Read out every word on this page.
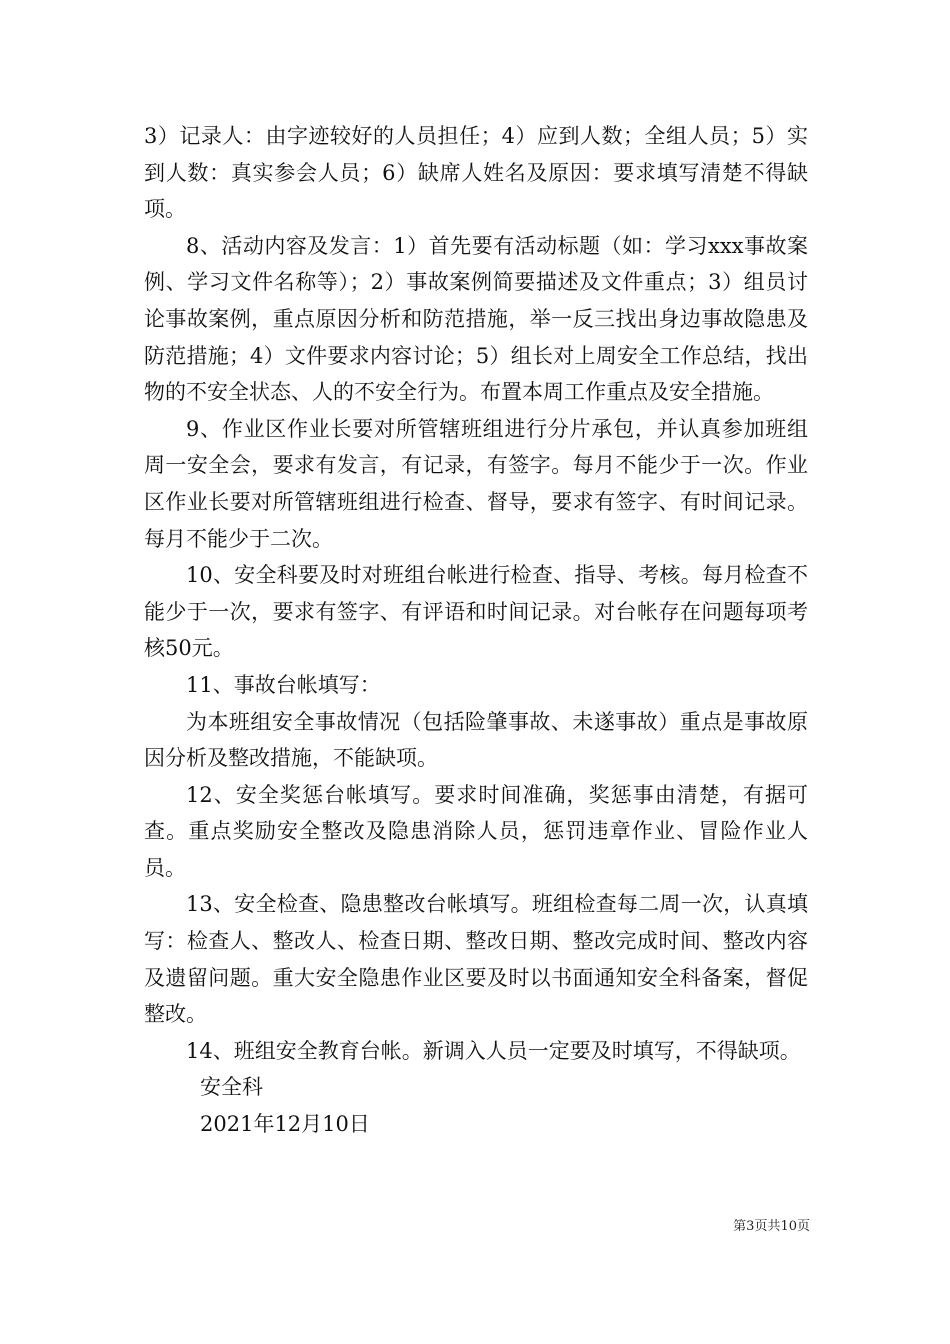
3）记录人：由字迹较好的人员担任；4）应到人数；全组人员；5）实到人数：真实参会人员；6）缺席人姓名及原因：要求填写清楚不得缺项。

8、活动内容及发言：1）首先要有活动标题（如：学习xxx事故案例、学习文件名称等）；2）事故案例简要描述及文件重点；3）组员讨论事故案例，重点原因分析和防范措施，举一反三找出身边事故隐患及防范措施；4）文件要求内容讨论；5）组长对上周安全工作总结，找出物的不安全状态、人的不安全行为。布置本周工作重点及安全措施。

9、作业区作业长要对所管辖班组进行分片承包，并认真参加班组周一安全会，要求有发言，有记录，有签字。每月不能少于一次。作业区作业长要对所管辖班组进行检查、督导，要求有签字、有时间记录。每月不能少于二次。

10、安全科要及时对班组台帐进行检查、指导、考核。每月检查不能少于一次，要求有签字、有评语和时间记录。对台帐存在问题每项考核50元。

11、事故台帐填写：

为本班组安全事故情况（包括险肇事故、未遂事故）重点是事故原因分析及整改措施，不能缺项。

12、安全奖惩台帐填写。要求时间准确，奖惩事由清楚，有据可查。重点奖励安全整改及隐患消除人员，惩罚违章作业、冒险作业人员。

13、安全检查、隐患整改台帐填写。班组检查每二周一次，认真填写：检查人、整改人、检查日期、整改日期、整改完成时间、整改内容及遗留问题。重大安全隐患作业区要及时以书面通知安全科备案，督促整改。

14、班组安全教育台帐。新调入人员一定要及时填写，不得缺项。

安全科

2021年12月10日

第3页共10页
